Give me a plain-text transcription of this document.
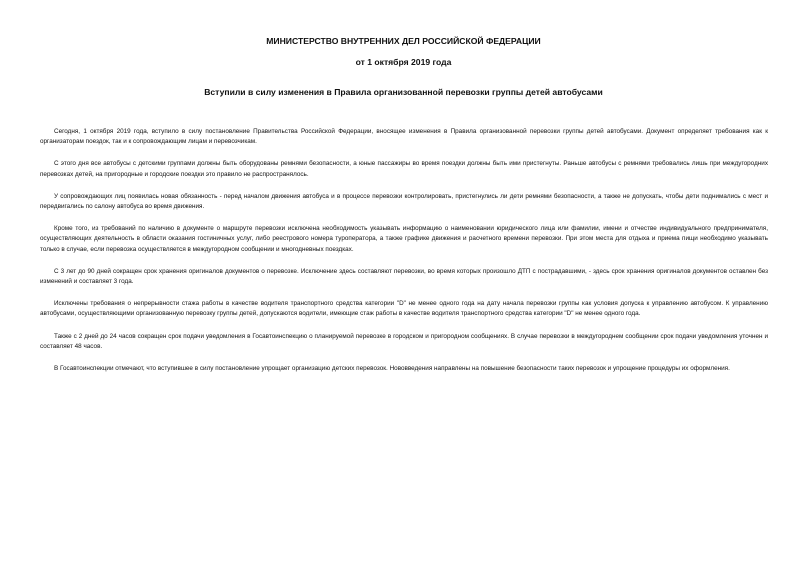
МИНИСТЕРСТВО ВНУТРЕННИХ ДЕЛ РОССИЙСКОЙ ФЕДЕРАЦИИ
от 1 октября 2019 года
Вступили в силу изменения в Правила организованной перевозки группы детей автобусами

Сегодня, 1 октября 2019 года, вступило в силу постановление Правительства Российской Федерации, вносящее изменения в Правила организованной перевозки группы детей автобусами. Документ определяет требования как к организаторам поездок, так и к сопровождающим лицам и перевозчикам.

С этого дня все автобусы с детскими группами должны быть оборудованы ремнями безопасности, а юные пассажиры во время поездки должны быть ими пристегнуты. Раньше автобусы с ремнями требовались лишь при междугородних перевозках детей, на пригородные и городские поездки это правило не распространялось.

У сопровождающих лиц появилась новая обязанность - перед началом движения автобуса и в процессе перевозки контролировать, пристегнулись ли дети ремнями безопасности, а также не допускать, чтобы дети поднимались с мест и передвигались по салону автобуса во время движения.

Кроме того, из требований по наличию в документе о маршруте перевозки исключена необходимость указывать информацию о наименовании юридического лица или фамилии, имени и отчестве индивидуального предпринимателя, осуществляющих деятельность в области оказания гостиничных услуг, либо реестрового номера туроператора, а также графике движения и расчетного времени перевозки. При этом места для отдыха и приема пищи необходимо указывать только в случае, если перевозка осуществляется в междугородном сообщении и многодневных поездках.

С 3 лет до 90 дней сокращен срок хранения оригиналов документов о перевозке. Исключение здесь составляют перевозки, во время которых произошло ДТП с пострадавшими, - здесь срок хранения оригиналов документов оставлен без изменений и составляет 3 года.

Исключены требования о непрерывности стажа работы в качестве водителя транспортного средства категории "D" не менее одного года на дату начала перевозки группы как условия допуска к управлению автобусом. К управлению автобусами, осуществляющими организованную перевозку группы детей, допускаются водители, имеющие стаж работы в качестве водителя транспортного средства категории "D" не менее одного года.

Также с 2 дней до 24 часов сокращен срок подачи уведомления в Госавтоинспекцию о планируемой перевозке в городском и пригородном сообщениях. В случае перевозки в междугороднем сообщении срок подачи уведомления уточнен и составляет 48 часов.

В Госавтоинспекции отмечают, что вступившее в силу постановление упрощает организацию детских перевозок. Нововведения направлены на повышение безопасности таких перевозок и упрощение процедуры их оформления.
